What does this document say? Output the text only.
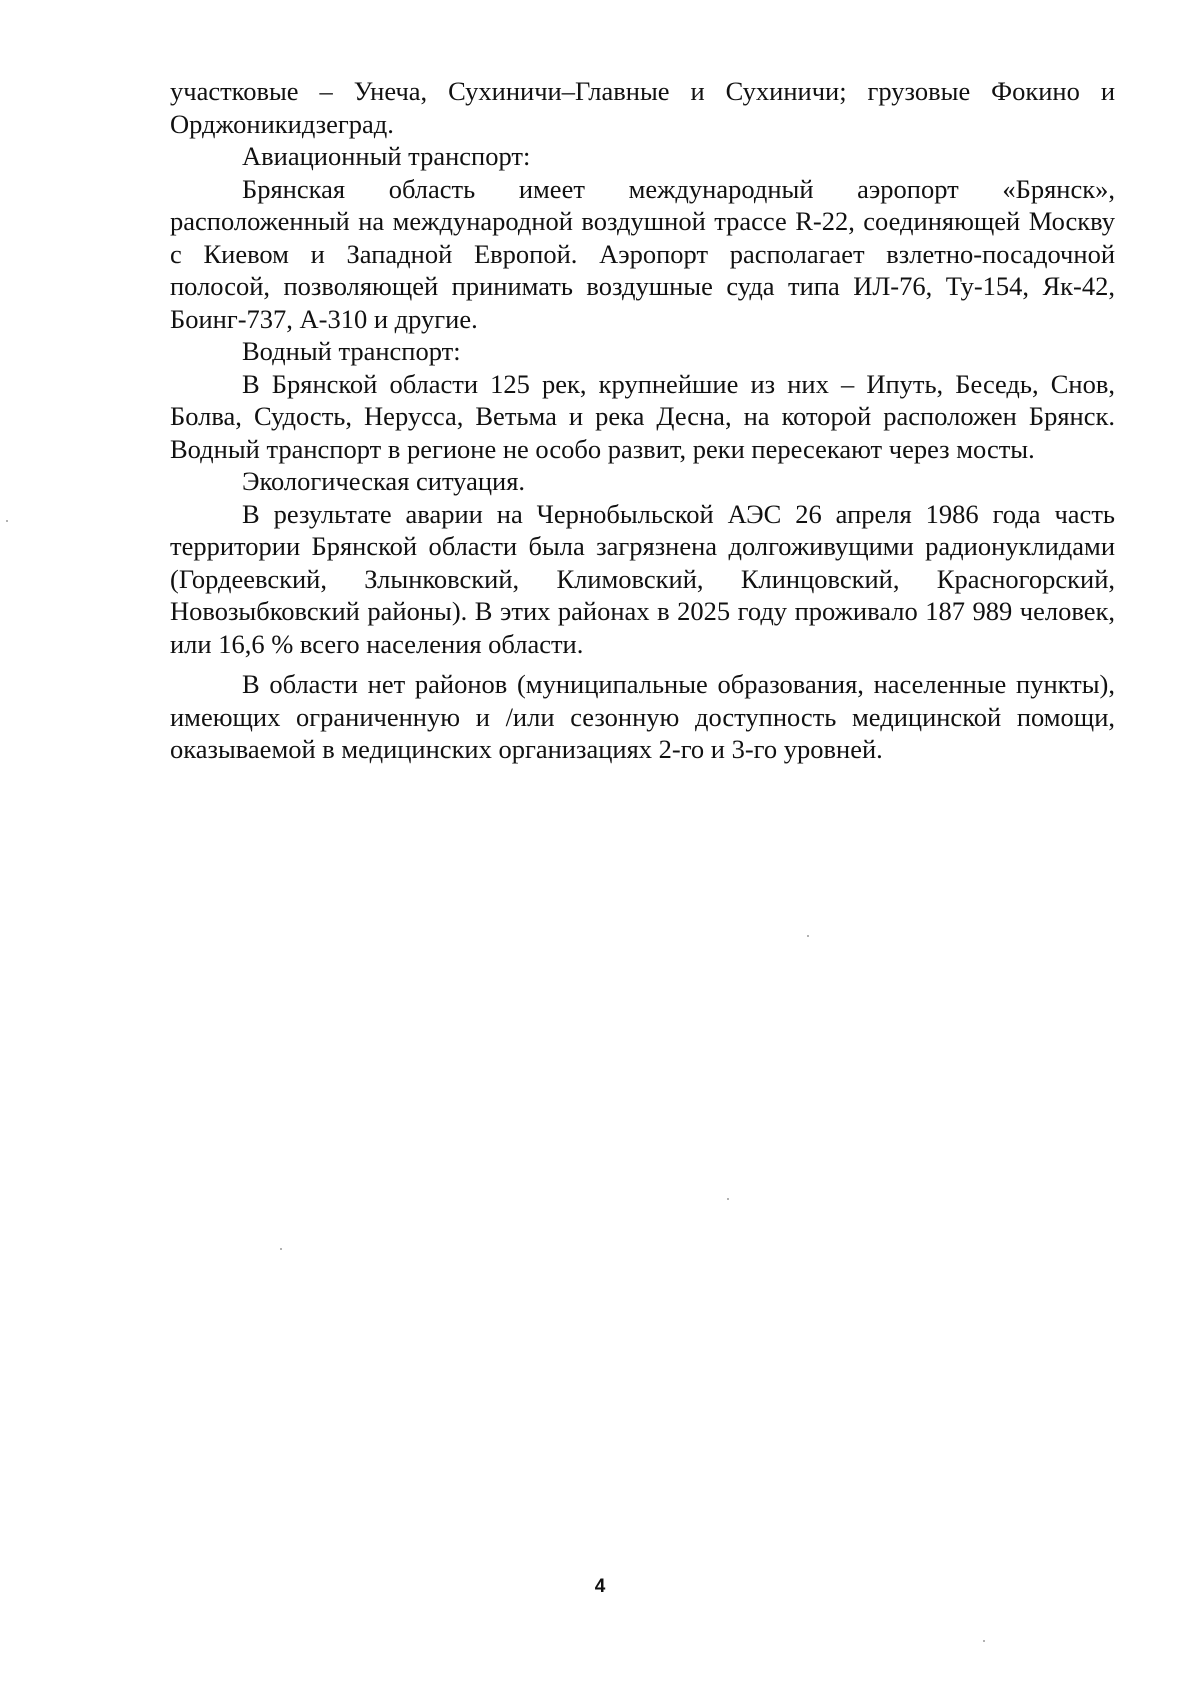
участковые – Унеча, Сухиничи–Главные и Сухиничи; грузовые Фокино и Орджоникидзеград.

Авиационный транспорт:

Брянская область имеет международный аэропорт «Брянск», расположенный на международной воздушной трассе R-22, соединяющей Москву с Киевом и Западной Европой. Аэропорт располагает взлетно-посадочной полосой, позволяющей принимать воздушные суда типа ИЛ-76, Ту-154, Як-42, Боинг-737, А-310 и другие.

Водный транспорт:

В Брянской области 125 рек, крупнейшие из них – Ипуть, Беседь, Снов, Болва, Судость, Нерусса, Ветьма и река Десна, на которой расположен Брянск. Водный транспорт в регионе не особо развит, реки пересекают через мосты.

Экологическая ситуация.

В результате аварии на Чернобыльской АЭС 26 апреля 1986 года часть территории Брянской области была загрязнена долгоживущими радионуклидами (Гордеевский, Злынковский, Климовский, Клинцовский, Красногорский, Новозыбковский районы). В этих районах в 2025 году проживало 187 989 человек, или 16,6 % всего населения области.

В области нет районов (муниципальные образования, населенные пункты), имеющих ограниченную и /или сезонную доступность медицинской помощи, оказываемой в медицинских организациях 2-го и 3-го уровней.

4
